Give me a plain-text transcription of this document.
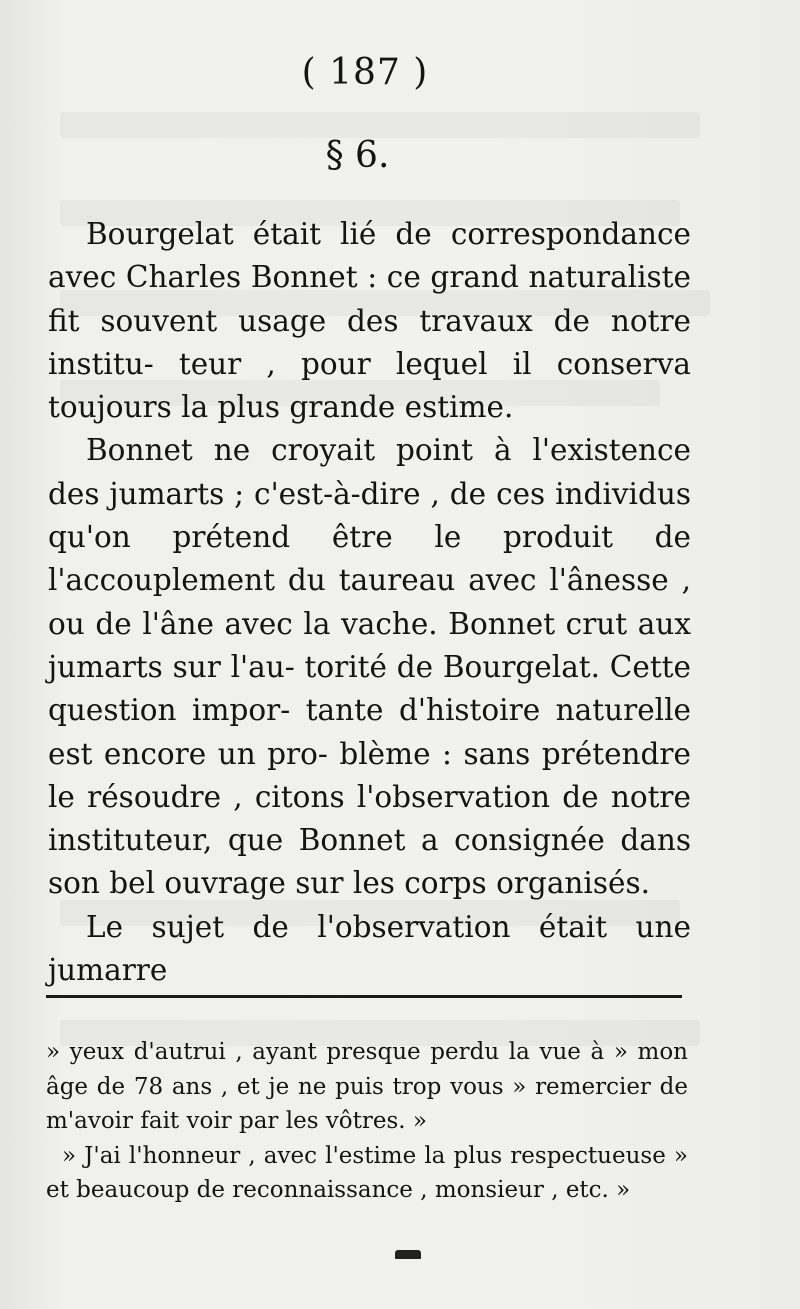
( 187 )
§ 6.

Bourgelat était lié de correspondance avec Charles Bonnet : ce grand naturaliste fit souvent usage des travaux de notre institu- teur , pour lequel il conserva toujours la plus grande estime.

Bonnet ne croyait point à l'existence des jumarts ; c'est-à-dire , de ces individus qu'on prétend être le produit de l'accouplement du taureau avec l'ânesse , ou de l'âne avec la vache. Bonnet crut aux jumarts sur l'au- torité de Bourgelat. Cette question impor- tante d'histoire naturelle est encore un pro- blème : sans prétendre le résoudre , citons l'observation de notre instituteur, que Bonnet a consignée dans son bel ouvrage sur les corps organisés.

Le sujet de l'observation était une jumarre

» yeux d'autrui , ayant presque perdu la vue à » mon âge de 78 ans , et je ne puis trop vous » remercier de m'avoir fait voir par les vôtres. »

» J'ai l'honneur , avec l'estime la plus respectueuse » et beaucoup de reconnaissance , monsieur , etc. »
